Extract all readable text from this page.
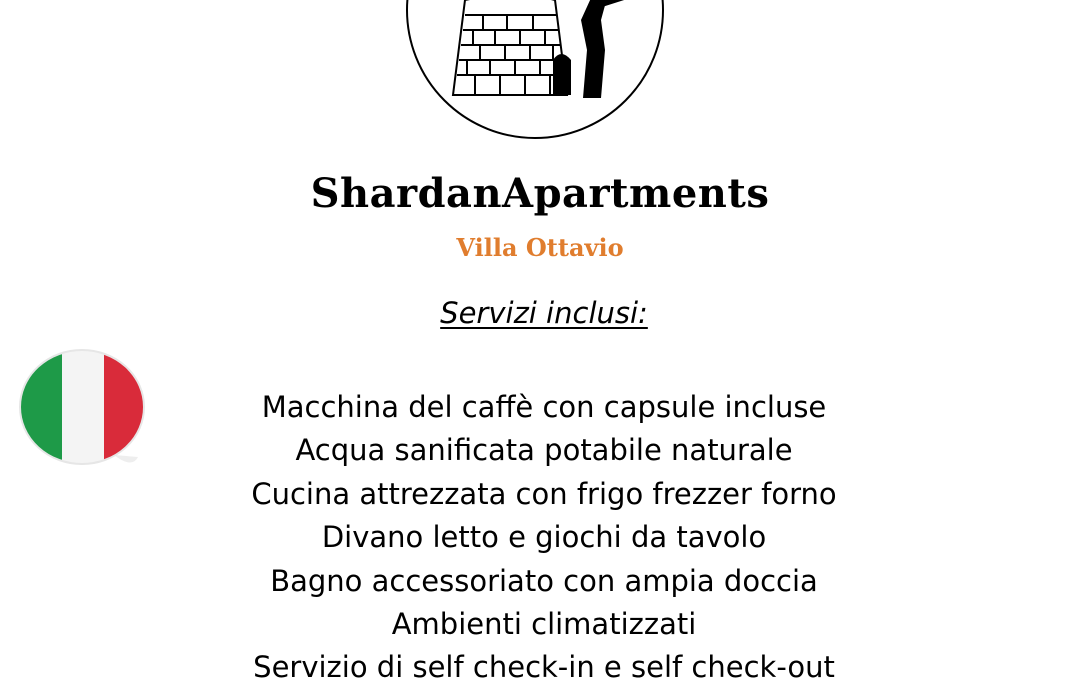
ShardanApartments
Villa Ottavio
Servizi inclusi:
Macchina del caffè con capsule incluse
Acqua sanificata potabile naturale
Cucina attrezzata con frigo frezzer forno
Divano letto e giochi da tavolo
Bagno accessoriato con ampia doccia
Ambienti climatizzati
Servizio di self check-in e self check-out
